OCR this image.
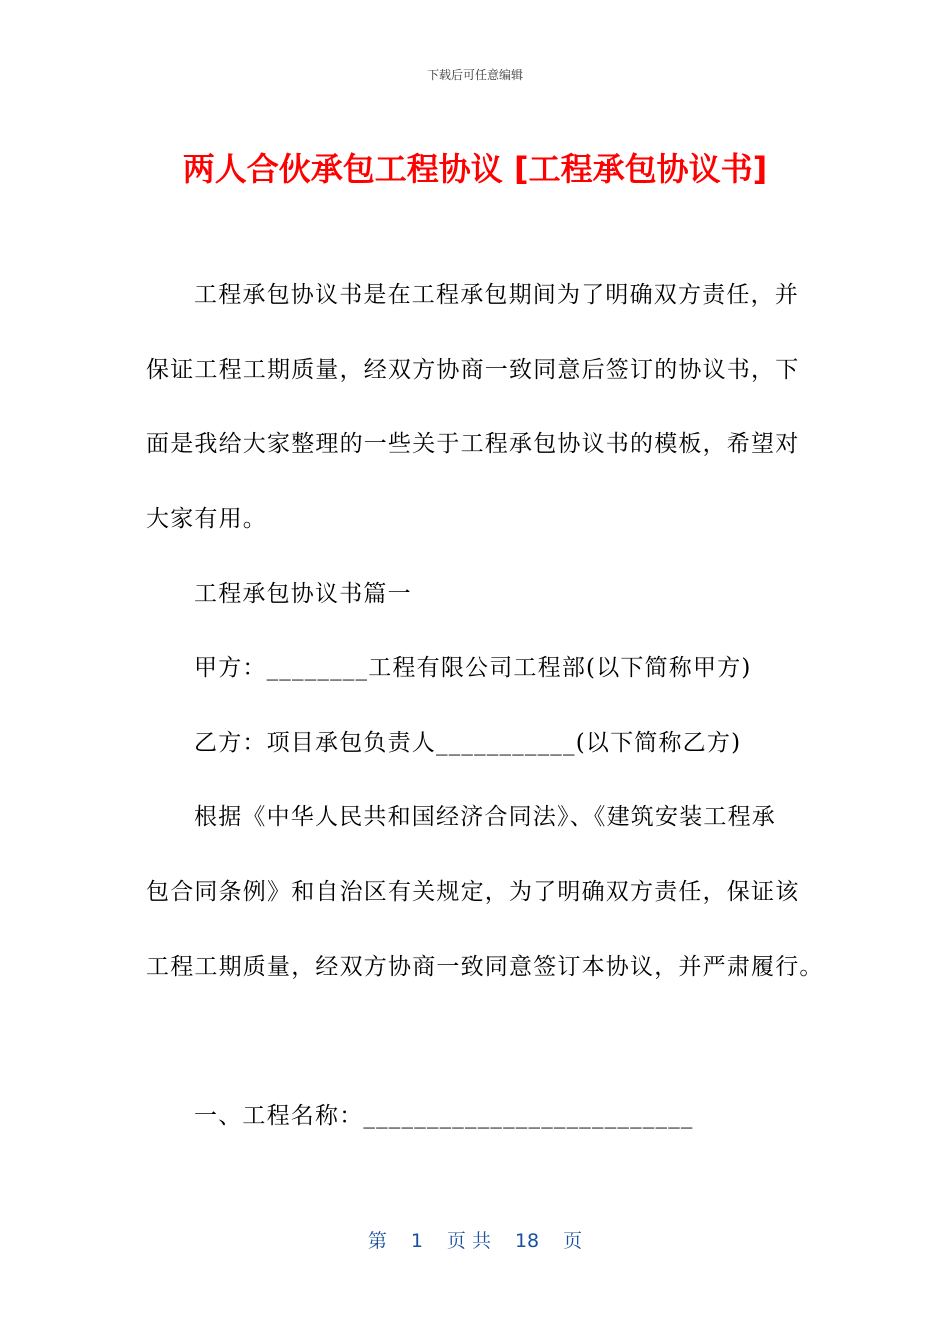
下载后可任意编辑
两人合伙承包工程协议 [工程承包协议书]
工程承包协议书是在工程承包期间为了明确双方责任，并
保证工程工期质量，经双方协商一致同意后签订的协议书，下
面是我给大家整理的一些关于工程承包协议书的模板，希望对
大家有用。
工程承包协议书篇一
甲方：________工程有限公司工程部(以下简称甲方)
乙方：项目承包负责人___________(以下简称乙方)
根据《中华人民共和国经济合同法》、《建筑安装工程承
包合同条例》和自治区有关规定，为了明确双方责任，保证该
工程工期质量，经双方协商一致同意签订本协议，并严肃履行。
一、工程名称：__________________________
第 1 页 共 18 页
